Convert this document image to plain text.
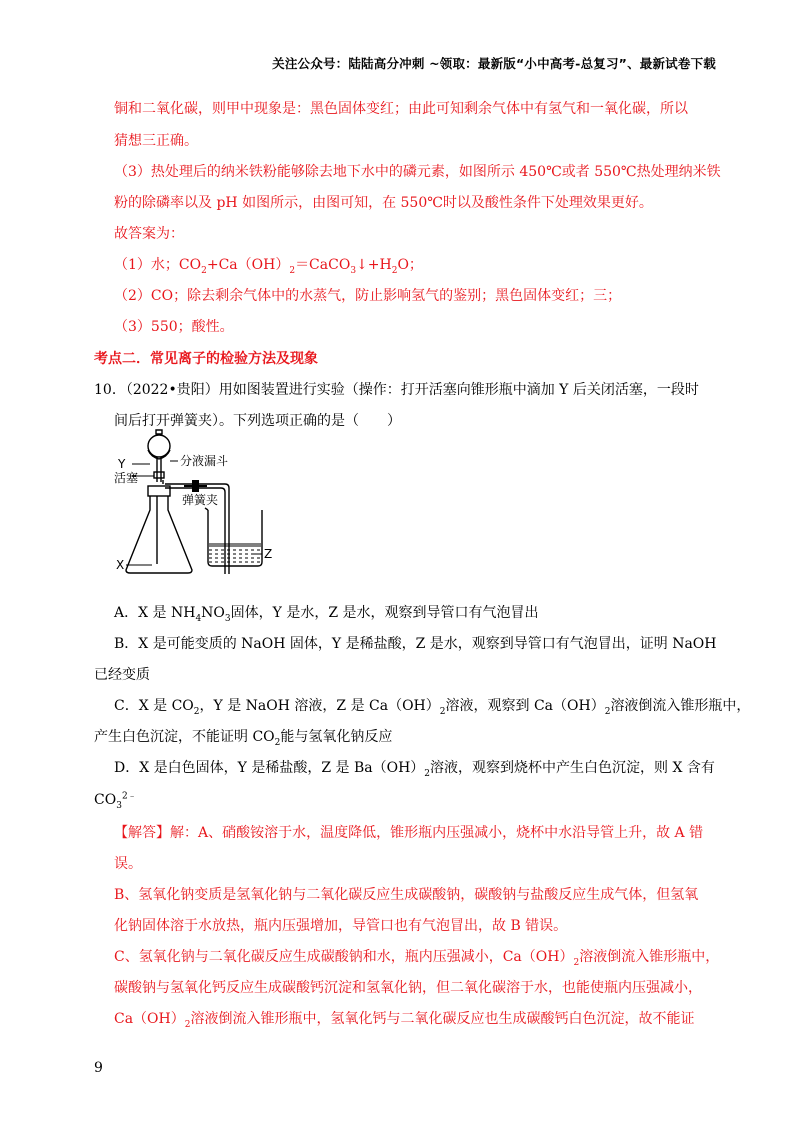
关注公众号：陆陆高分冲刺 ~领取：最新版“小中高考-总复习”、最新试卷下载
铜和二氧化碳，则甲中现象是：黑色固体变红；由此可知剩余气体中有氢气和一氧化碳，所以
猜想三正确。
（3）热处理后的纳米铁粉能够除去地下水中的磷元素，如图所示 450℃或者 550℃热处理纳米铁
粉的除磷率以及 pH 如图所示，由图可知，在 550℃时以及酸性条件下处理效果更好。
故答案为：
（1）水；$CO_2+Ca(OH)_2=CaCO_3↓+H_2O$；
（2）CO；除去剩余气体中的水蒸气，防止影响氢气的鉴别；黑色固体变红；三；
（3）550；酸性。
考点二．常见离子的检验方法及现象
10．（2022•贵阳）用如图装置进行实验（操作：打开活塞向锥形瓶中滴加 Y 后关闭活塞，一段时
间后打开弹簧夹）。下列选项正确的是（　　）
Y	分液漏斗
活塞
弹簧夹
X
Z
A．X 是 $NH_4NO_3$固体，Y 是水，Z 是水，观察到导管口有气泡冒出
B．X 是可能变质的 NaOH 固体，Y 是稀盐酸，Z 是水，观察到导管口有气泡冒出，证明 NaOH
已经变质
C．X 是 $CO_2$，Y 是 NaOH 溶液，Z 是 $Ca(OH)_2$溶液，观察到 $Ca(OH)_2$溶液倒流入锥形瓶中，
产生白色沉淀，不能证明 $CO_2$能与氢氧化钠反应
D．X 是白色固体，Y 是稀盐酸，Z 是 $Ba(OH)_2$溶液，观察到烧杯中产生白色沉淀，则 X 含有
$CO_3^{2﹣}$
【解答】解：A、硝酸铵溶于水，温度降低，锥形瓶内压强减小，烧杯中水沿导管上升，故 A 错
误。
B、氢氧化钠变质是氢氧化钠与二氧化碳反应生成碳酸钠，碳酸钠与盐酸反应生成气体，但氢氧
化钠固体溶于水放热，瓶内压强增加，导管口也有气泡冒出，故 B 错误。
C、氢氧化钠与二氧化碳反应生成碳酸钠和水，瓶内压强减小，$Ca(OH)_2$溶液倒流入锥形瓶中，
碳酸钠与氢氧化钙反应生成碳酸钙沉淀和氢氧化钠，但二氧化碳溶于水，也能使瓶内压强减小，
$Ca(OH)_2$溶液倒流入锥形瓶中，氢氧化钙与二氧化碳反应也生成碳酸钙白色沉淀，故不能证
9
